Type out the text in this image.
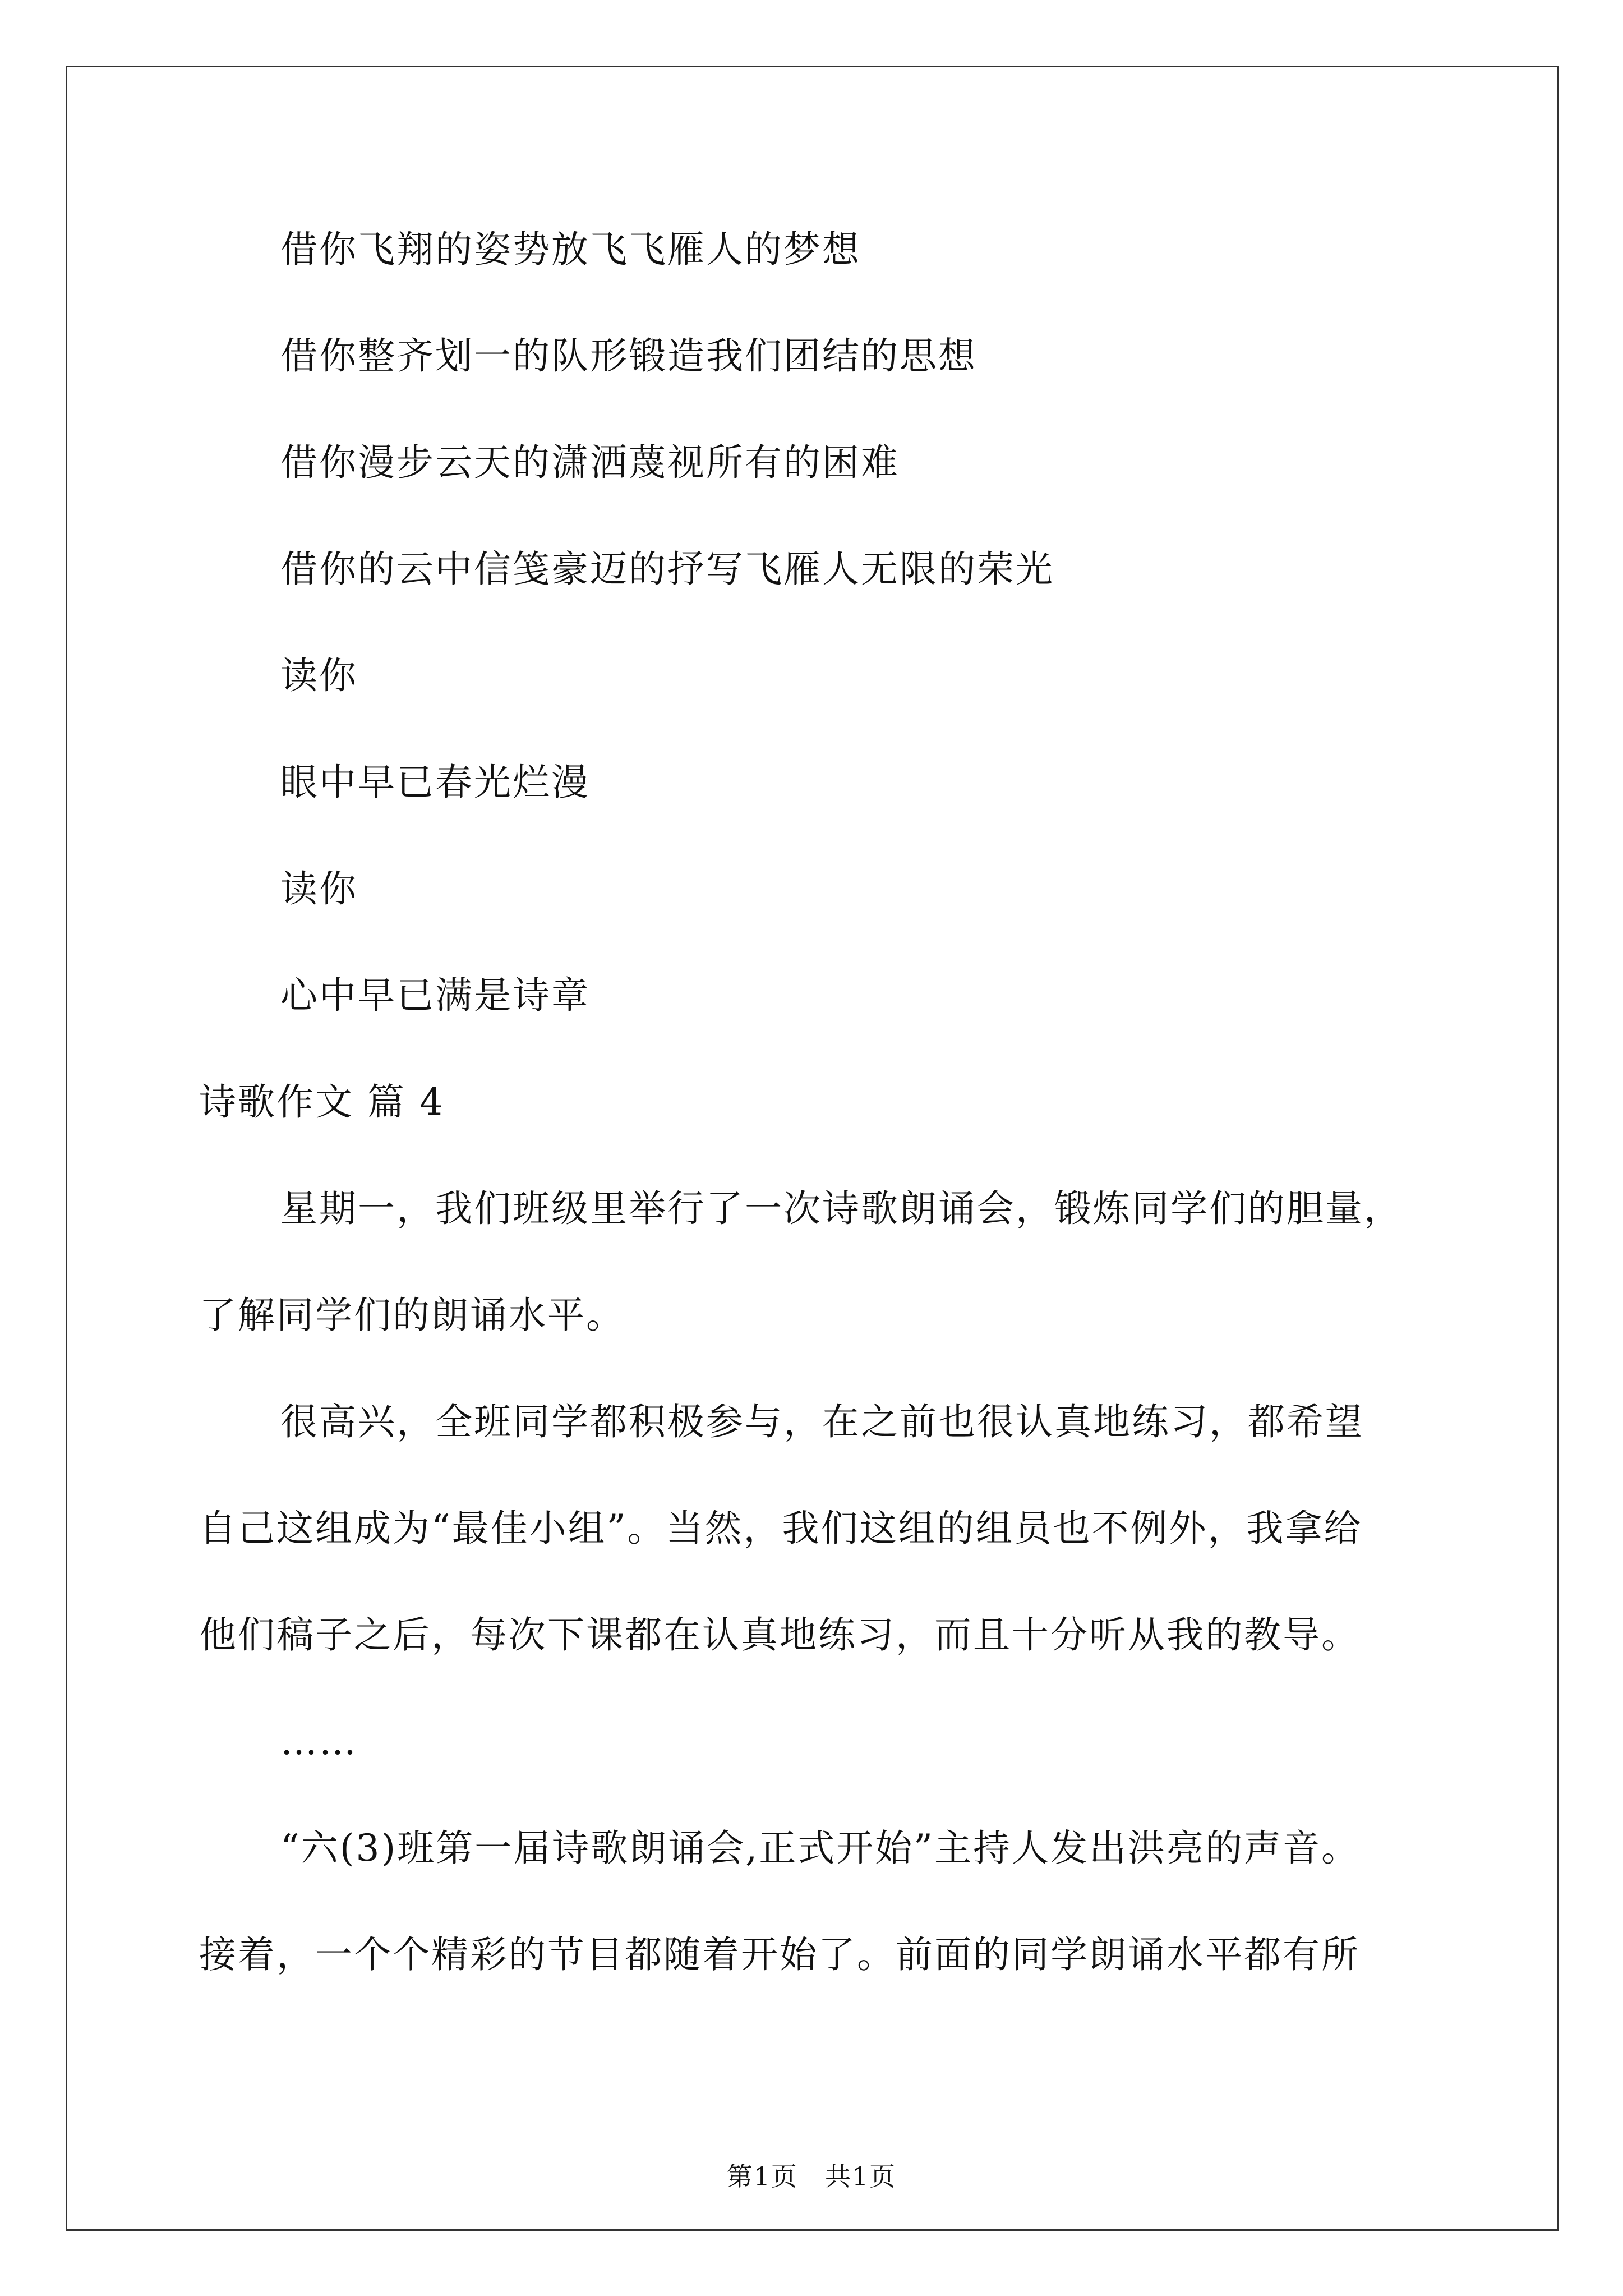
借你飞翔的姿势放飞飞雁人的梦想
借你整齐划一的队形锻造我们团结的思想
借你漫步云天的潇洒蔑视所有的困难
借你的云中信笺豪迈的抒写飞雁人无限的荣光
读你
眼中早已春光烂漫
读你
心中早已满是诗章
诗歌作文 篇 4
星期一，我们班级里举行了一次诗歌朗诵会，锻炼同学们的胆量，
了解同学们的朗诵水平。
很高兴，全班同学都积极参与，在之前也很认真地练习，都希望
自己这组成为“最佳小组”。当然，我们这组的组员也不例外，我拿给
他们稿子之后，每次下课都在认真地练习，而且十分听从我的教导。
……
“六(3)班第一届诗歌朗诵会,正式开始”主持人发出洪亮的声音。
接着，一个个精彩的节目都随着开始了。前面的同学朗诵水平都有所
第1页　共1页
